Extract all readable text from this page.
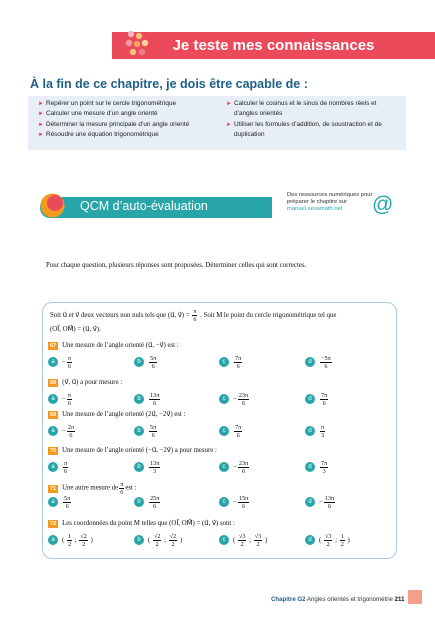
Je teste mes connaissances
À la fin de ce chapitre, je dois être capable de :
► Repérer un point sur le cercle trigonométrique
► Calculer une mesure d’un angle orienté
► Déterminer la mesure principale d’un angle orienté
► Résoudre une équation trigonométrique
► Calculer le cosinus et le sinus de nombres réels et d’angles orientés
► Utiliser les formules d’addition, de soustraction et de duplication
QCM d’auto-évaluation
Des ressources numériques pour préparer le chapitre sur
manuel.sesamath.net	@
Pour chaque question, plusieurs réponses sont proposées. Déterminer celles qui sont correctes.
Soit u⃗ et v⃗ deux vecteurs non nuls tels que (u⃗, v⃗) = $\frac{\pi}{6}$ . Soit M le point du cercle trigonométrique tel que
(OI⃗, OM⃗) = (u⃗, v⃗).
67 Une mesure de l’angle orienté (u⃗, −v⃗) est :
a	− $\frac{\pi}{6}$	b	$\frac{5\pi}{6}$	c	$\frac{7\pi}{6}$	d	$\frac{-5\pi}{6}$
68 (v⃗, u⃗) a pour mesure :
a	− $\frac{\pi}{6}$	b	$\frac{13\pi}{6}$	c	− $\frac{23\pi}{6}$	d	$\frac{7\pi}{6}$
69 Une mesure de l’angle orienté (2u⃗, −2v⃗) est :
a	− $\frac{2\pi}{6}$	b	$\frac{5\pi}{6}$	c	$\frac{7\pi}{6}$	d	$\frac{\pi}{3}$
70 Une mesure de l’angle orienté (−u⃗, −2v⃗) a pour mesure :
a	$\frac{\pi}{6}$	b	$\frac{13\pi}{3}$	c	− $\frac{23\pi}{6}$	d	$\frac{7\pi}{3}$
71 Une autre mesure de $\frac{\pi}{6}$ est :
a	$\frac{5\pi}{6}$	b	$\frac{25\pi}{6}$	c	− $\frac{15\pi}{6}$	d	− $\frac{13\pi}{6}$
72 Les coordonnées du point M telles que (OI⃗, OM⃗) = (u⃗, v⃗) sont :
a	( $\frac{1}{2}$ ; $\frac{√2}{2}$ )	b	( $\frac{√2}{2}$ ; $\frac{√2}{2}$ )	c	( $\frac{√3}{2}$ ; $\frac{√3}{2}$ )	d	( $\frac{√3}{2}$ ; $\frac{1}{2}$ )
Chapitre G2 Angles orientés et trigonométrie 211
